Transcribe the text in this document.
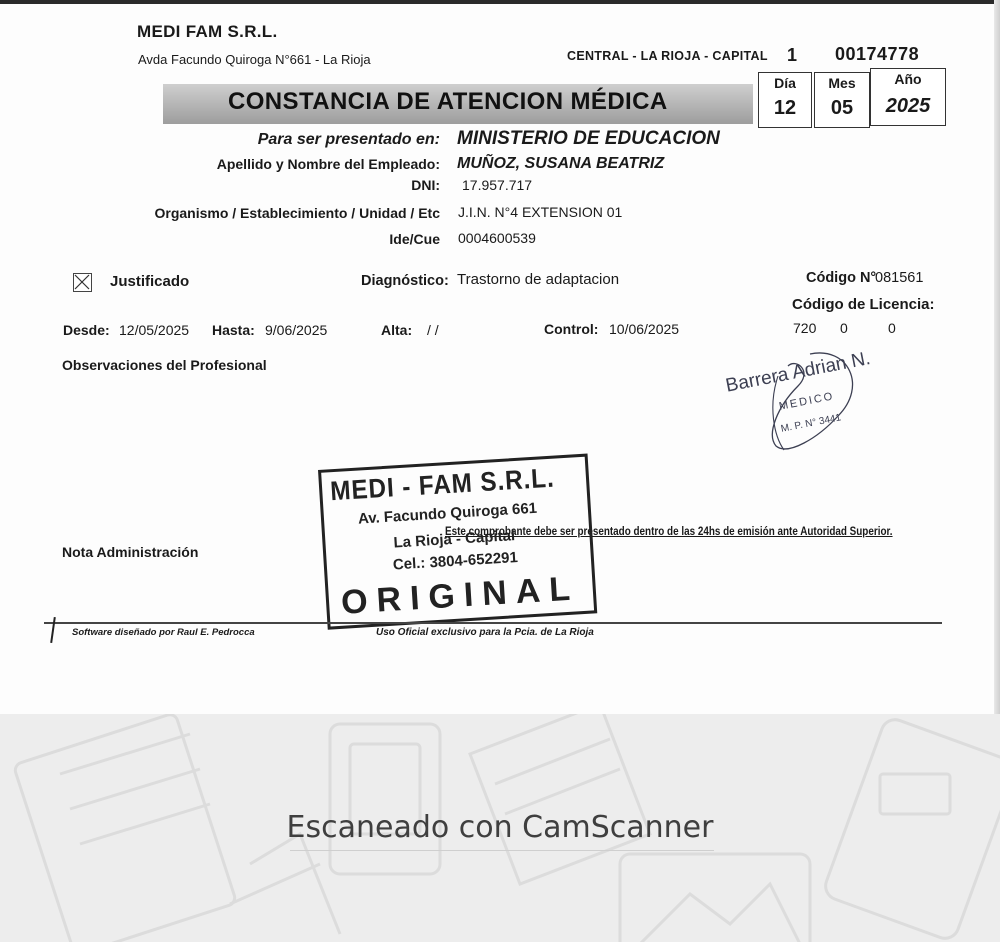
MEDI FAM S.R.L.
Avda Facundo Quiroga N°661 - La Rioja	CENTRAL - LA RIOJA - CAPITAL 1 00174778
CONSTANCIA DE ATENCION MÉDICA
Día
12
Mes
05
Año
2025
Para ser presentado en: MINISTERIO DE EDUCACION
Apellido y Nombre del Empleado: MUÑOZ, SUSANA BEATRIZ
DNI: 17.957.717
Organismo / Establecimiento / Unidad / Etc J.I.N. N°4 EXTENSION 01
Ide/Cue 0004600539
Justificado	Diagnóstico: Trastorno de adaptacion	Código N°
081561
Código de Licencia:
720 0	0
Desde: 12/05/2025 Hasta: 9/06/2025	Alta: / /	Control: 10/06/2025
Observaciones del Profesional
Nota Administración
Este comprobante debe ser presentado dentro de las 24hs de emisión ante Autoridad Superior.
Barrera Adrian N.
MEDICO
M. P. N° 3441
MEDI - FAM S.R.L.
Av. Facundo Quiroga 661
La Rioja - Capital
Cel.: 3804-652291
ORIGINAL
Software diseñado por Raul E. Pedrocca	Uso Oficial exclusivo para la Pcia. de La Rioja
Escaneado con CamScanner
